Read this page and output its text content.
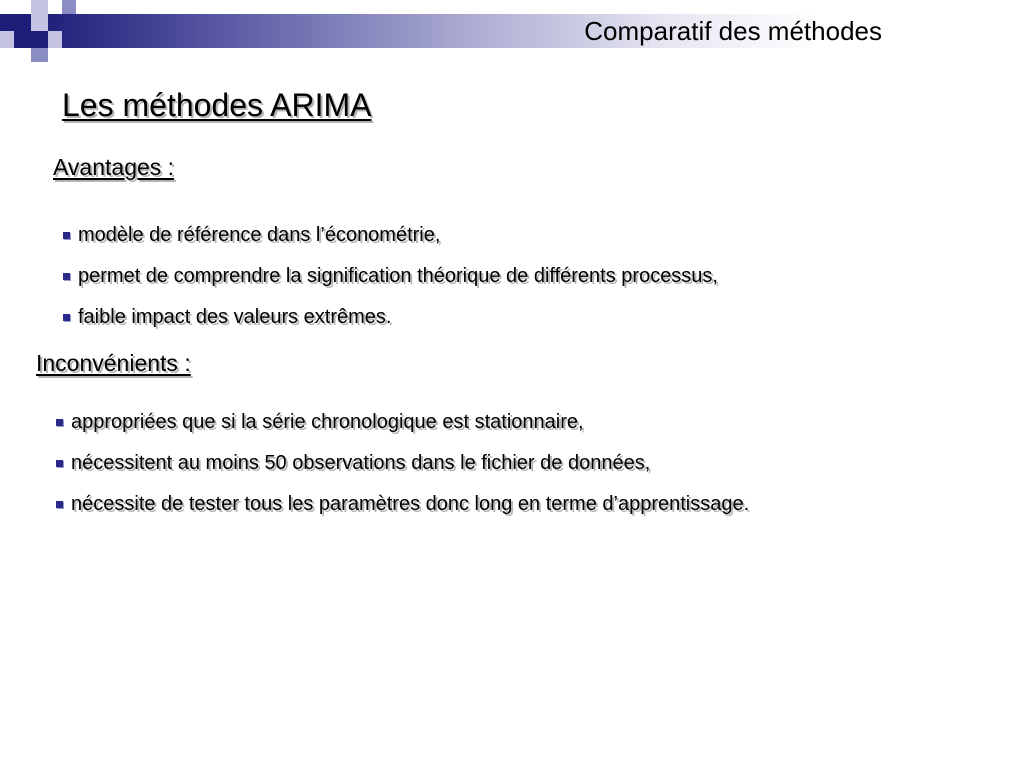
Comparatif des méthodes
Les méthodes ARIMA
Avantages :
modèle de référence dans l’économétrie,
permet de comprendre la signification théorique de différents processus,
faible impact des valeurs extrêmes.
Inconvénients :
appropriées que si la série chronologique est stationnaire,
nécessitent au moins 50 observations dans le fichier de données,
nécessite de tester tous les paramètres donc long en terme d’apprentissage.
